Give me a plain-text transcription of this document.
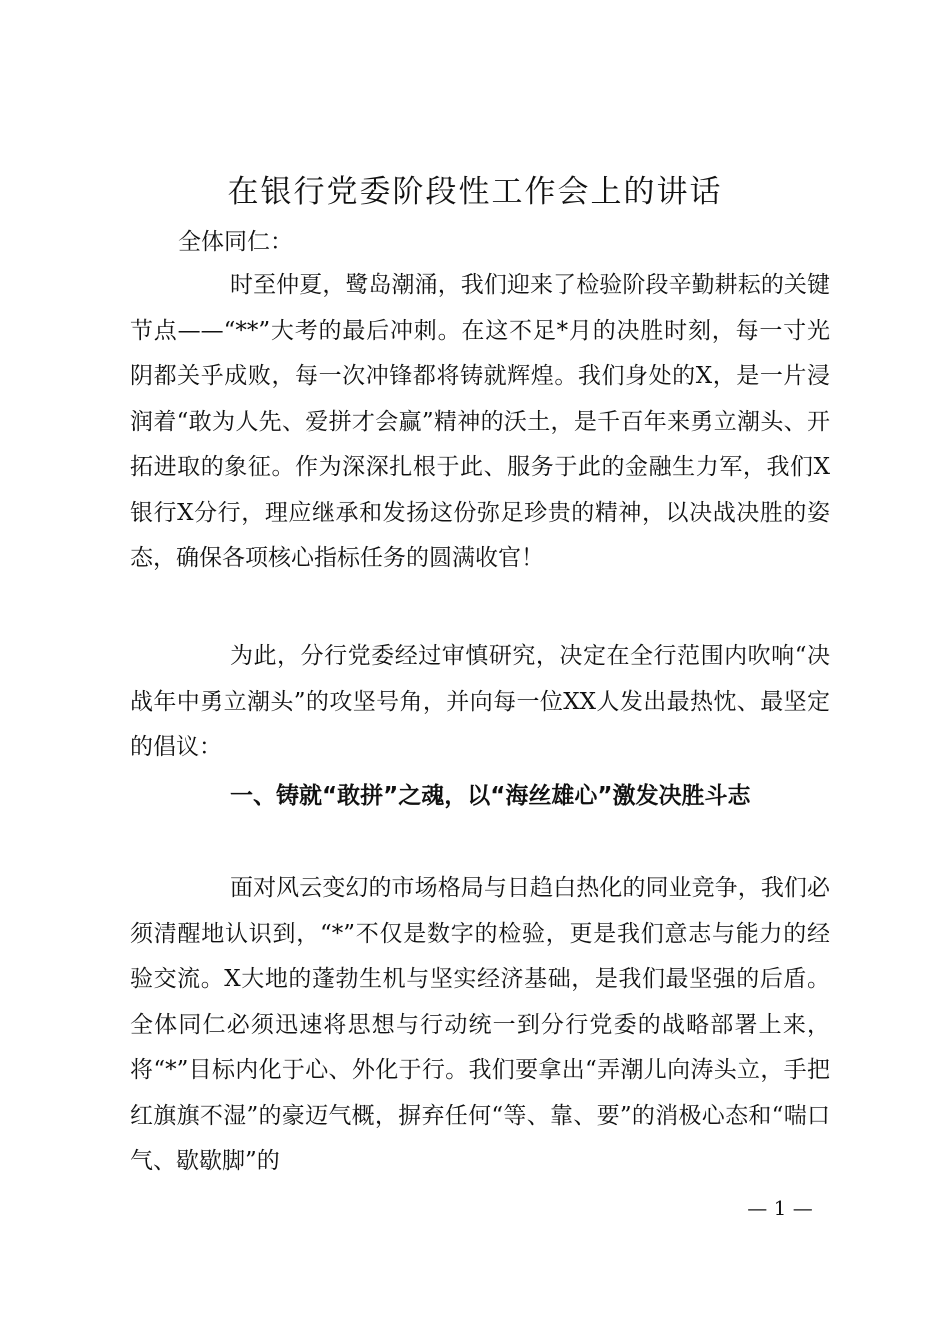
在银行党委阶段性工作会上的讲话
全体同仁：

时至仲夏，鹭岛潮涌，我们迎来了检验阶段辛勤耕耘的关键节点——“**”大考的最后冲刺。在这不足*月的决胜时刻，每一寸光阴都关乎成败，每一次冲锋都将铸就辉煌。我们身处的X，是一片浸润着“敢为人先、爱拼才会赢”精神的沃土，是千百年来勇立潮头、开拓进取的象征。作为深深扎根于此、服务于此的金融生力军，我们X银行X分行，理应继承和发扬这份弥足珍贵的精神，以决战决胜的姿态，确保各项核心指标任务的圆满收官！

为此，分行党委经过审慎研究，决定在全行范围内吹响“决战年中勇立潮头”的攻坚号角，并向每一位XX人发出最热忱、最坚定的倡议：

一、铸就“敢拼”之魂，以“海丝雄心”激发决胜斗志

面对风云变幻的市场格局与日趋白热化的同业竞争，我们必须清醒地认识到，“*”不仅是数字的检验，更是我们意志与能力的经验交流。X大地的蓬勃生机与坚实经济基础，是我们最坚强的后盾。全体同仁必须迅速将思想与行动统一到分行党委的战略部署上来，将“*”目标内化于心、外化于行。我们要拿出“弄潮儿向涛头立，手把红旗旗不湿”的豪迈气概，摒弃任何“等、靠、要”的消极心态和“喘口气、歇歇脚”的

— 1 —
